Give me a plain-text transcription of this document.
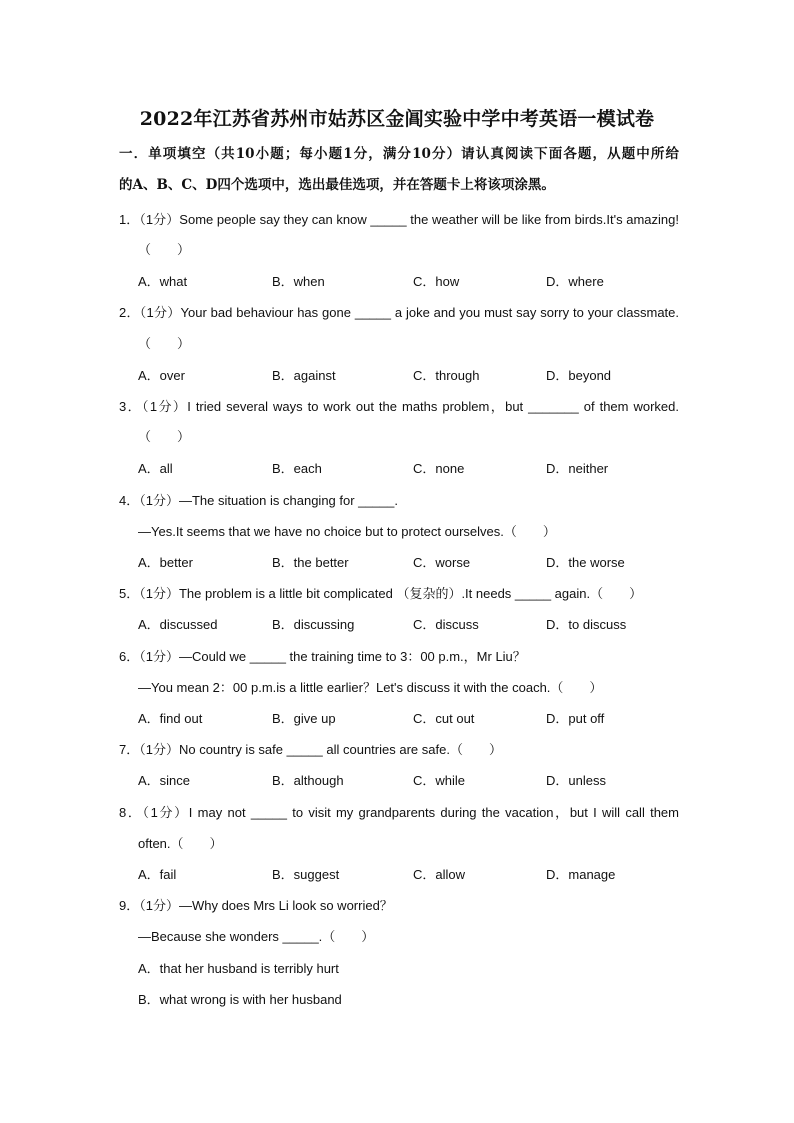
2022年江苏省苏州市姑苏区金阊实验中学中考英语一模试卷
一．单项填空（共10小题；每小题1分，满分10分）请认真阅读下面各题，从题中所给
的A、B、C、D四个选项中，选出最佳选项，并在答题卡上将该项涂黑。
1．（1分）Some people say they can know _____ the weather will be like from birds.It's amazing!
（　　）
A．what	B．when	C．how	D．where
2．（1分）Your bad behaviour has gone _____ a joke and you must say sorry to your classmate.
（　　）
A．over	B．against	C．through	D．beyond
3．（1分）I tried several ways to work out the maths problem，but _______ of them worked.
（　　）
A．all	B．each	C．none	D．neither
4．（1分）—The situation is changing for _____.
—Yes.It seems that we have no choice but to protect ourselves.（　　）
A．better	B．the better	C．worse	D．the worse
5．（1分）The problem is a little bit complicated （复杂的）.It needs _____ again.（　　）
A．discussed	B．discussing	C．discuss	D．to discuss
6．（1分）—Could we _____ the training time to 3：00 p.m.，Mr Liu？
—You mean 2：00 p.m.is a little earlier？Let's discuss it with the coach.（　　）
A．find out	B．give up	C．cut out	D．put off
7．（1分）No country is safe _____ all countries are safe.（　　）
A．since	B．although	C．while	D．unless
8．（1分）I may not _____ to visit my grandparents during the vacation，but I will call them
often.（　　）
A．fail	B．suggest	C．allow	D．manage
9．（1分）—Why does Mrs Li look so worried？
—Because she wonders _____.（　　）
A．that her husband is terribly hurt
B．what wrong is with her husband
